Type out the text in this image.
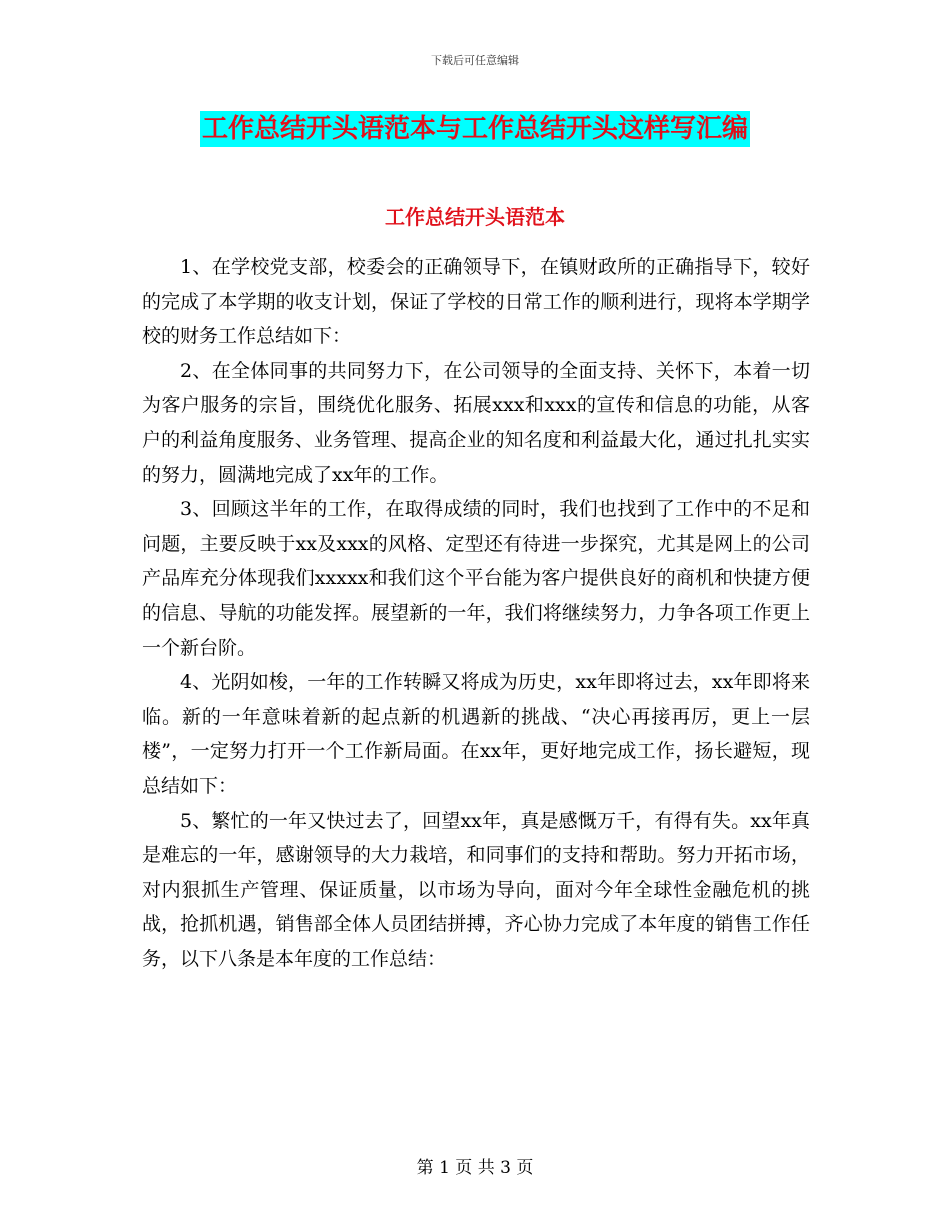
下载后可任意编辑
工作总结开头语范本与工作总结开头这样写汇编
工作总结开头语范本

1、在学校党支部，校委会的正确领导下，在镇财政所的正确指导下，较好的完成了本学期的收支计划，保证了学校的日常工作的顺利进行，现将本学期学校的财务工作总结如下：

2、在全体同事的共同努力下，在公司领导的全面支持、关怀下，本着一切为客户服务的宗旨，围绕优化服务、拓展xxx和xxx的宣传和信息的功能，从客户的利益角度服务、业务管理、提高企业的知名度和利益最大化，通过扎扎实实的努力，圆满地完成了xx年的工作。

3、回顾这半年的工作，在取得成绩的同时，我们也找到了工作中的不足和问题，主要反映于xx及xxx的风格、定型还有待进一步探究，尤其是网上的公司产品库充分体现我们xxxxx和我们这个平台能为客户提供良好的商机和快捷方便的信息、导航的功能发挥。展望新的一年，我们将继续努力，力争各项工作更上一个新台阶。

4、光阴如梭，一年的工作转瞬又将成为历史，xx年即将过去，xx年即将来临。新的一年意味着新的起点新的机遇新的挑战、“决心再接再厉，更上一层楼”，一定努力打开一个工作新局面。在xx年，更好地完成工作，扬长避短，现总结如下：

5、繁忙的一年又快过去了，回望xx年，真是感慨万千，有得有失。xx年真是难忘的一年，感谢领导的大力栽培，和同事们的支持和帮助。努力开拓市场，对内狠抓生产管理、保证质量，以市场为导向，面对今年全球性金融危机的挑战，抢抓机遇，销售部全体人员团结拼搏，齐心协力完成了本年度的销售工作任务，以下八条是本年度的工作总结：

第 1 页 共 3 页
